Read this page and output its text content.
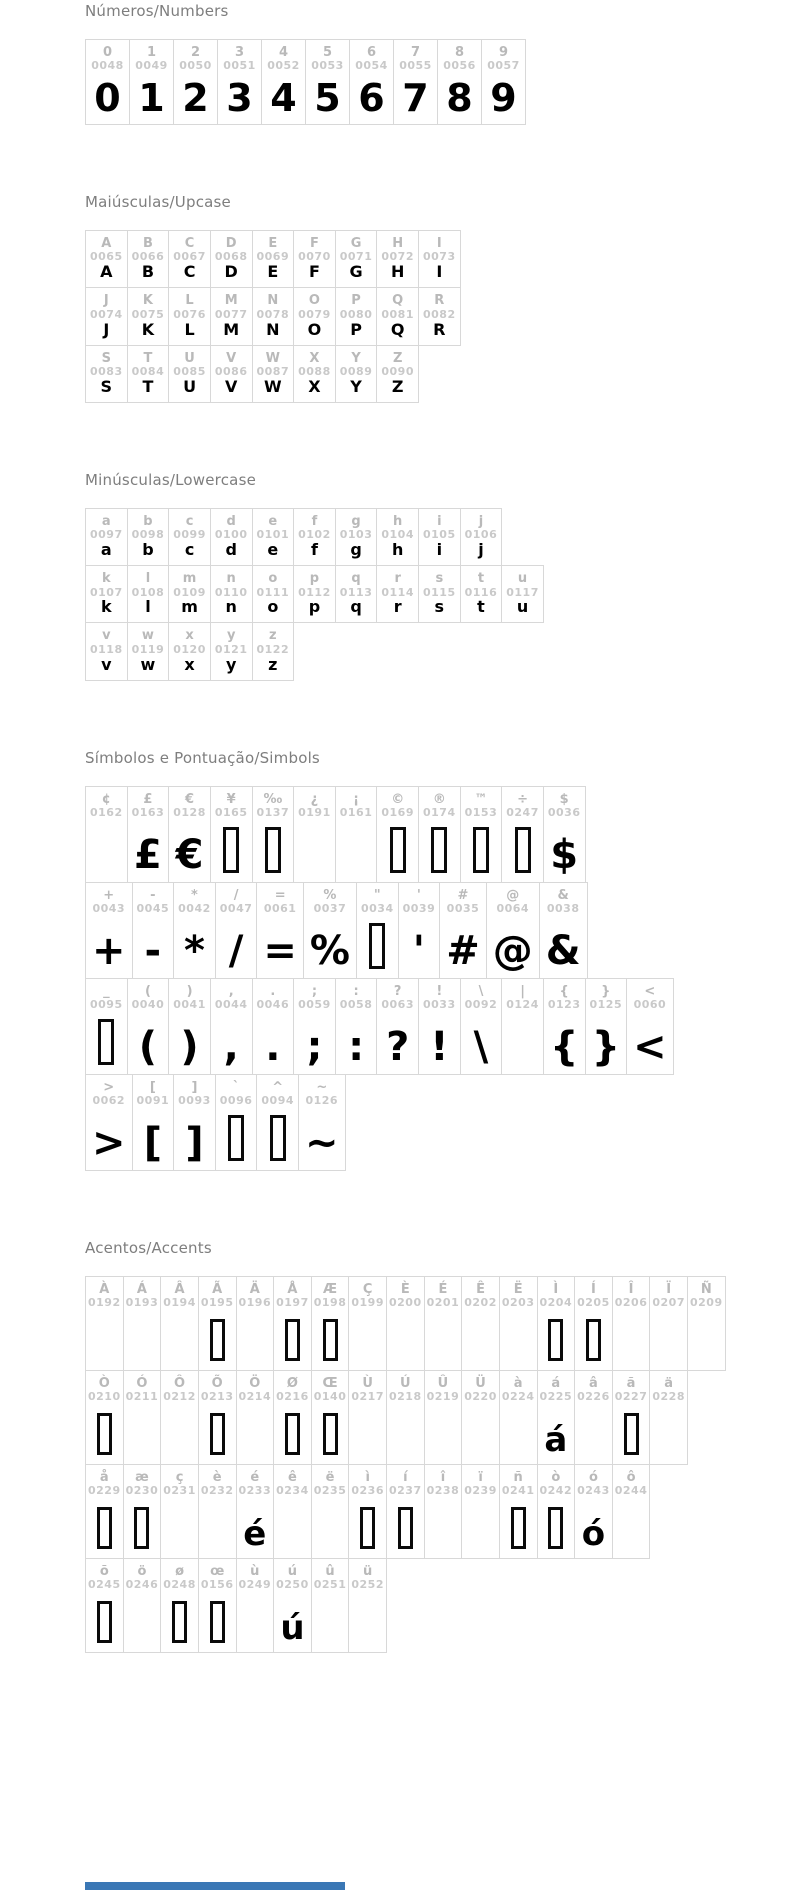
Números/Numbers
0
0048
0
1
0049
1
2
0050
2
3
0051
3
4
0052
4
5
0053
5
6
0054
6
7
0055
7
8
0056
8
9
0057
9
Maiúsculas/Upcase
A
0065
A
B
0066
B
C
0067
C
D
0068
D
E
0069
E
F
0070
F
G
0071
G
H
0072
H
I
0073
I
J
0074
J
K
0075
K
L
0076
L
M
0077
M
N
0078
N
O
0079
O
P
0080
P
Q
0081
Q
R
0082
R
S
0083
S
T
0084
T
U
0085
U
V
0086
V
W
0087
W
X
0088
X
Y
0089
Y
Z
0090
Z
Minúsculas/Lowercase
a
0097
a
b
0098
b
c
0099
c
d
0100
d
e
0101
e
f
0102
f
g
0103
g
h
0104
h
i
0105
i
j
0106
j
k
0107
k
l
0108
l
m
0109
m
n
0110
n
o
0111
o
p
0112
p
q
0113
q
r
0114
r
s
0115
s
t
0116
t
u
0117
u
v
0118
v
w
0119
w
x
0120
x
y
0121
y
z
0122
z
Símbolos e Pontuação/Simbols
¢
0162
£
0163
£
€
0128
€
¥
0165
‰
0137
¿
0191
¡
0161
©
0169
®
0174
™
0153
÷
0247
$
0036
$
+
0043
+
-
0045
-
*
0042
*
/
0047
/
=
0061
=
%
0037
%
"
0034
'
0039
'
#
0035
#
@
0064
@
&
0038
&
_
0095
(
0040
(
)
0041
)
,
0044
,
.
0046
.
;
0059
;
:
0058
:
?
0063
?
!
0033
!
\
0092
\
|
0124
{
0123
{
}
0125
}
<
0060
<
>
0062
>
[
0091
[
]
0093
]
`
0096
^
0094
~
0126
~
Acentos/Accents
À
0192
Á
0193
Â
0194
Ã
0195
Ä
0196
Å
0197
Æ
0198
Ç
0199
È
0200
É
0201
Ê
0202
Ë
0203
Ì
0204
Í
0205
Î
0206
Ï
0207
Ñ
0209
Ò
0210
Ó
0211
Ô
0212
Õ
0213
Ö
0214
Ø
0216
Œ
0140
Ù
0217
Ú
0218
Û
0219
Ü
0220
à
0224
á
0225
á
â
0226
ã
0227
ä
0228
å
0229
æ
0230
ç
0231
è
0232
é
0233
é
ê
0234
ë
0235
ì
0236
í
0237
î
0238
ï
0239
ñ
0241
ò
0242
ó
0243
ó
ô
0244
õ
0245
ö
0246
ø
0248
œ
0156
ù
0249
ú
0250
ú
û
0251
ü
0252
